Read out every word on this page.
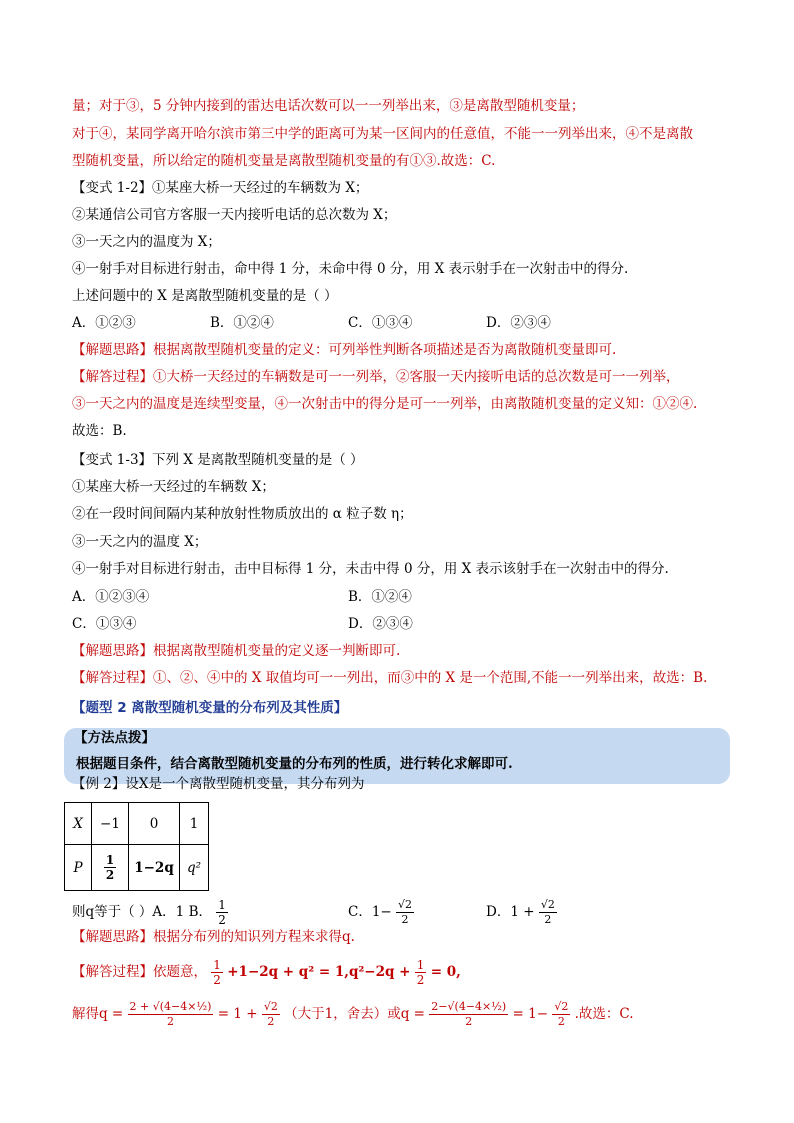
量；对于③，5 分钟内接到的雷达电话次数可以一一列举出来，③是离散型随机变量；
对于④，某同学离开哈尔滨市第三中学的距离可为某一区间内的任意值，不能一一列举出来，④不是离散
型随机变量，所以给定的随机变量是离散型随机变量的有①③.故选：C.
【变式 1-2】①某座大桥一天经过的车辆数为 X；
②某通信公司官方客服一天内接听电话的总次数为 X；
③一天之内的温度为 X；
④一射手对目标进行射击，命中得 1 分，未命中得 0 分，用 X 表示射手在一次射击中的得分.
上述问题中的 X 是离散型随机变量的是（ ）
A．①②③	B．①②④	C．①③④	D．②③④
【解题思路】根据离散型随机变量的定义：可列举性判断各项描述是否为离散随机变量即可.
【解答过程】①大桥一天经过的车辆数是可一一列举，②客服一天内接听电话的总次数是可一一列举，
③一天之内的温度是连续型变量，④一次射击中的得分是可一一列举，由离散随机变量的定义知：①②④.
故选：B.
【变式 1-3】下列 X 是离散型随机变量的是（ ）
①某座大桥一天经过的车辆数 X；
②在一段时间间隔内某种放射性物质放出的 α 粒子数 η；
③一天之内的温度 X；
④一射手对目标进行射击，击中目标得 1 分，未击中得 0 分，用 X 表示该射手在一次射击中的得分.
A．①②③④	B．①②④
C．①③④	D．②③④
【解题思路】根据离散型随机变量的定义逐一判断即可.
【解答过程】①、②、④中的 X 取值均可一一列出，而③中的 X 是一个范围,不能一一列举出来，故选：B.
【题型 2 离散型随机变量的分布列及其性质】
【方法点拨】
根据题目条件，结合离散型随机变量的分布列的性质，进行转化求解即可.
【例 2】设X是一个离散型随机变量，其分布列为
X	−1	0	1
P	$\frac{1}{2}$	1−2q	q²
则q等于（ ）A．1 B． $\frac{1}{2}$	C．$1- \frac{√2}{2}$	D．$1 + \frac{√2}{2}$
【解题思路】根据分布列的知识列方程来求得q.
【解答过程】依题意， $\frac{1}{2} +1-2q + q^2 = 1,q^2-2q + \frac{1}{2} = 0$,
解得$q = \frac{\text{2 + √(4−4×½)}}{2} = 1 + \frac{√2}{2}$ （大于1，舍去）或$q = \frac{\text{2−√(4−4×½)}}{2} = 1- \frac{√2}{2}$ .故选：C.
